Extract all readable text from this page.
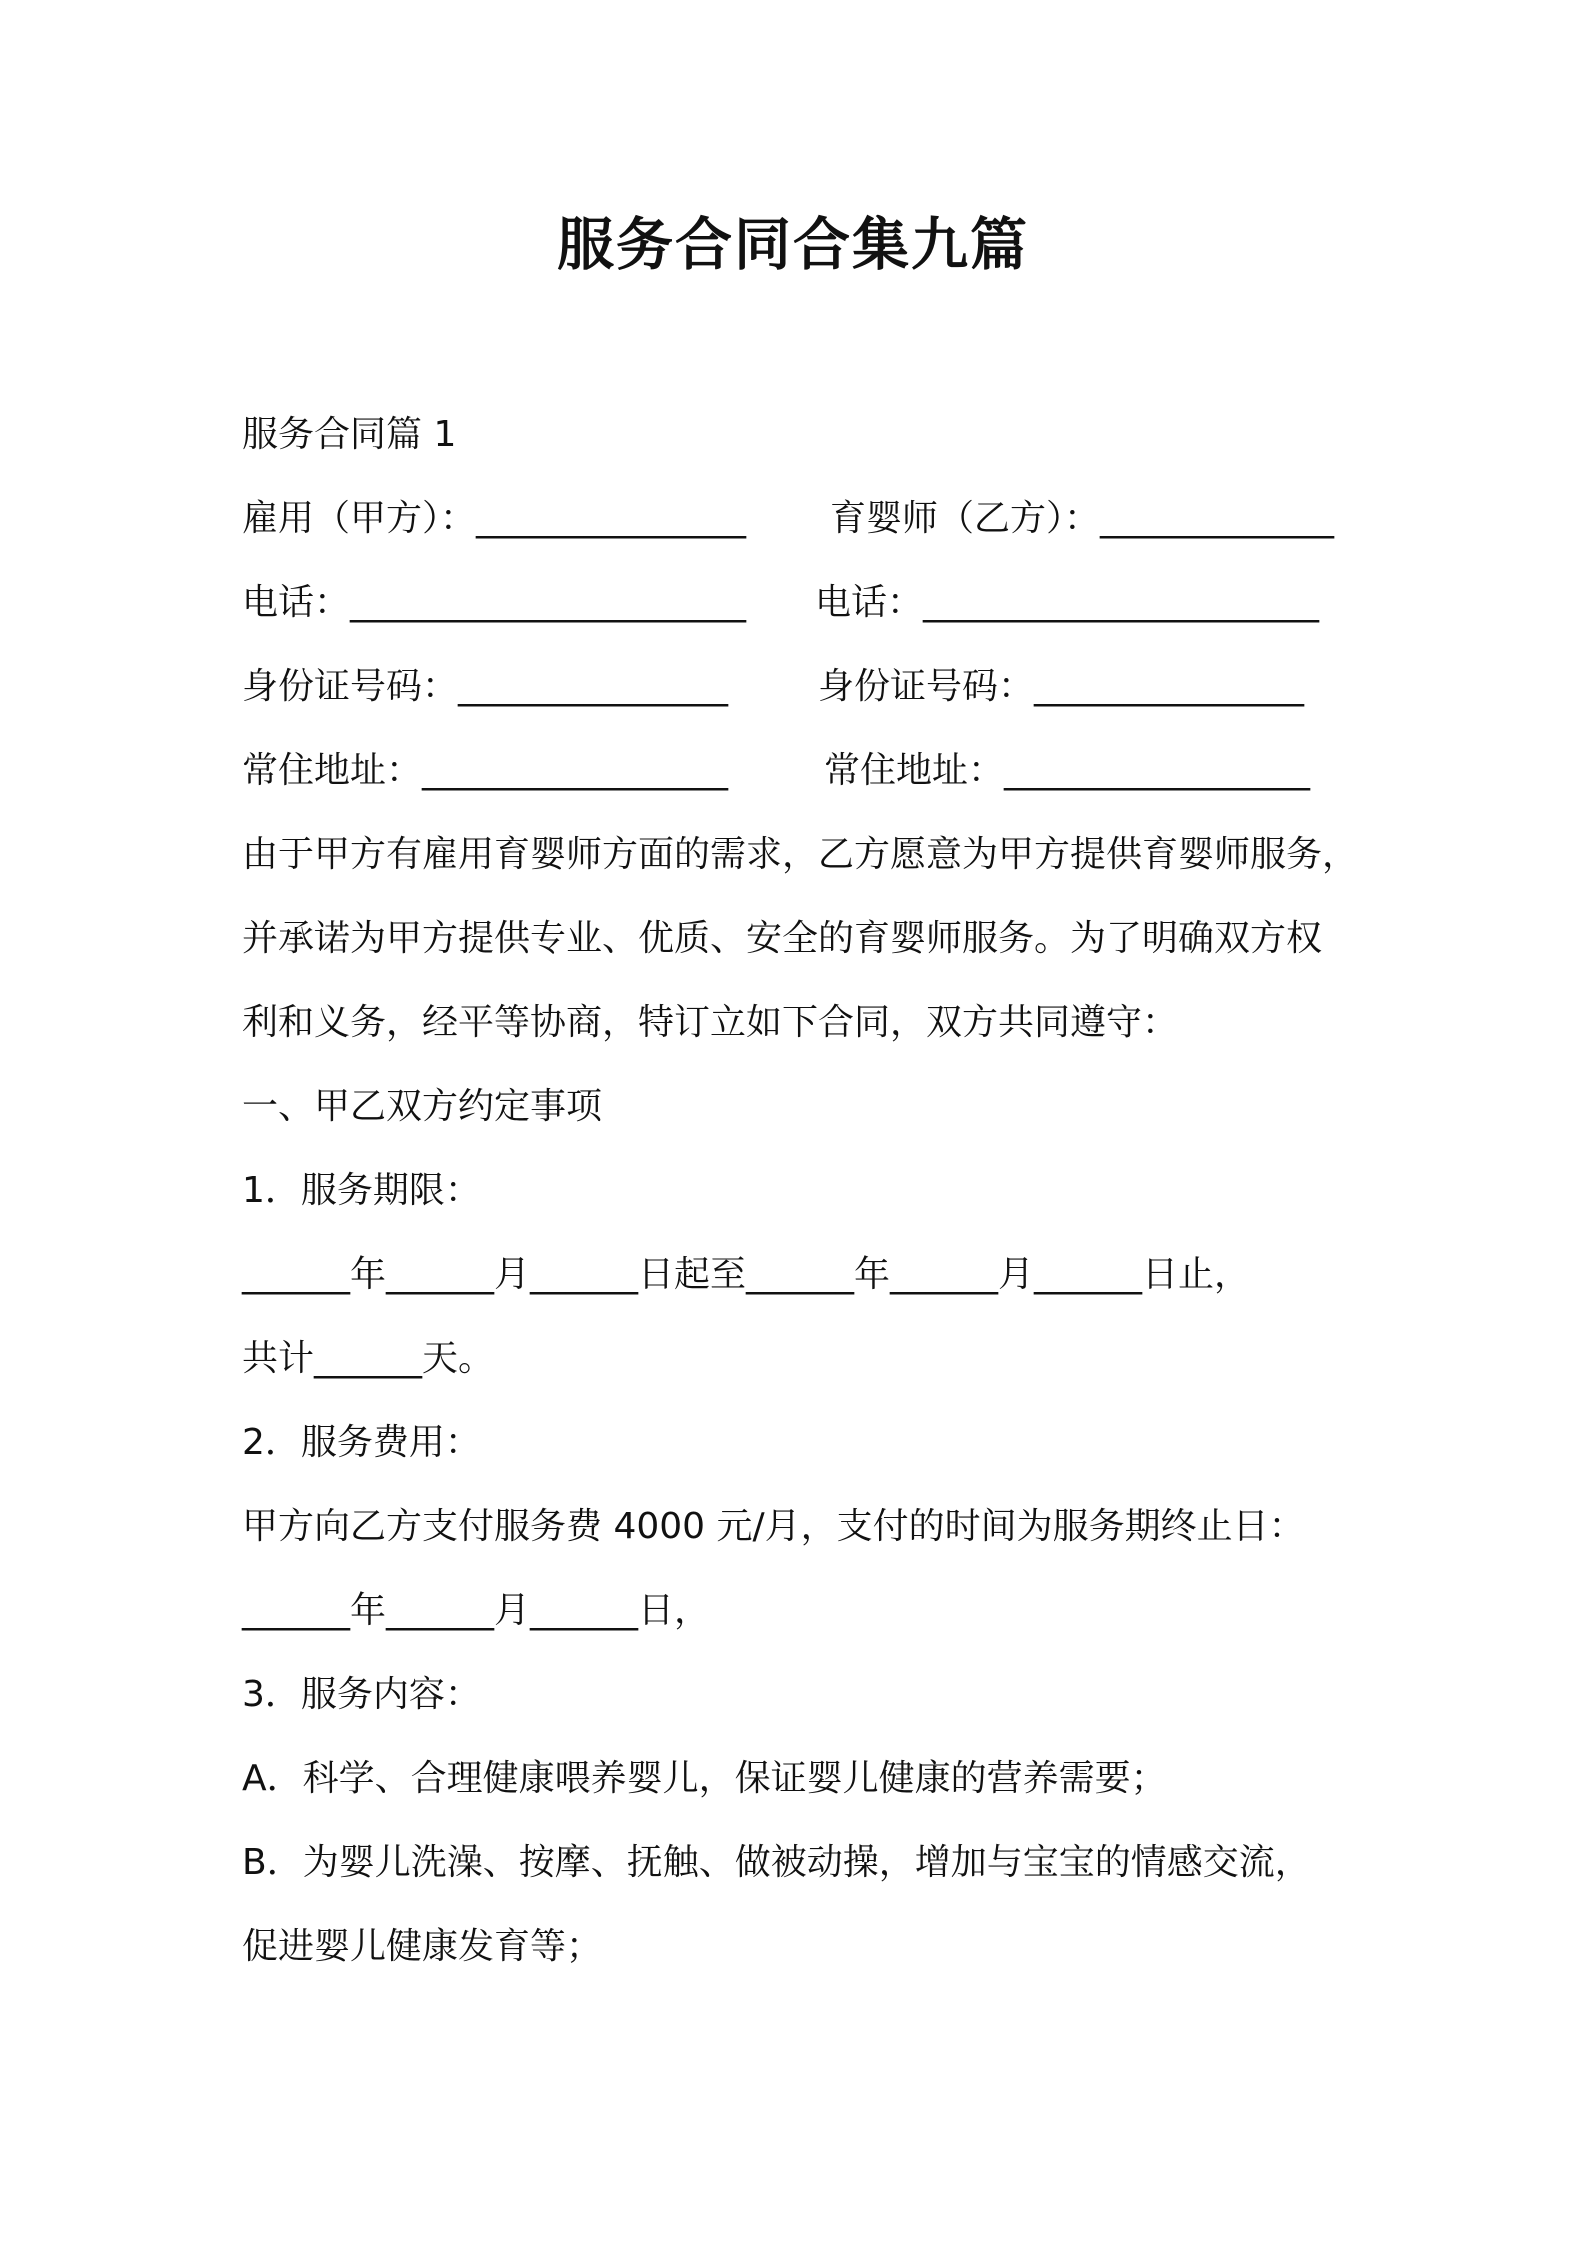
服务合同合集九篇
服务合同篇 1
雇用（甲方）：_______________ 育婴师（乙方）：_____________
电话：______________________ 电话：______________________
身份证号码：_______________ 身份证号码：_______________
常住地址：_________________	常住地址：_________________
由于甲方有雇用育婴师方面的需求，乙方愿意为甲方提供育婴师服务，
并承诺为甲方提供专业、优质、安全的育婴师服务。为了明确双方权
利和义务，经平等协商，特订立如下合同，双方共同遵守：
一、甲乙双方约定事项
1．服务期限：
______年______月______日起至______年______月______日止，
共计______天。
2．服务费用：
甲方向乙方支付服务费 4000 元/月，支付的时间为服务期终止日：
______年______月______日，
3．服务内容：
A．科学、合理健康喂养婴儿，保证婴儿健康的营养需要；
B．为婴儿洗澡、按摩、抚触、做被动操，增加与宝宝的情感交流，
促进婴儿健康发育等；
